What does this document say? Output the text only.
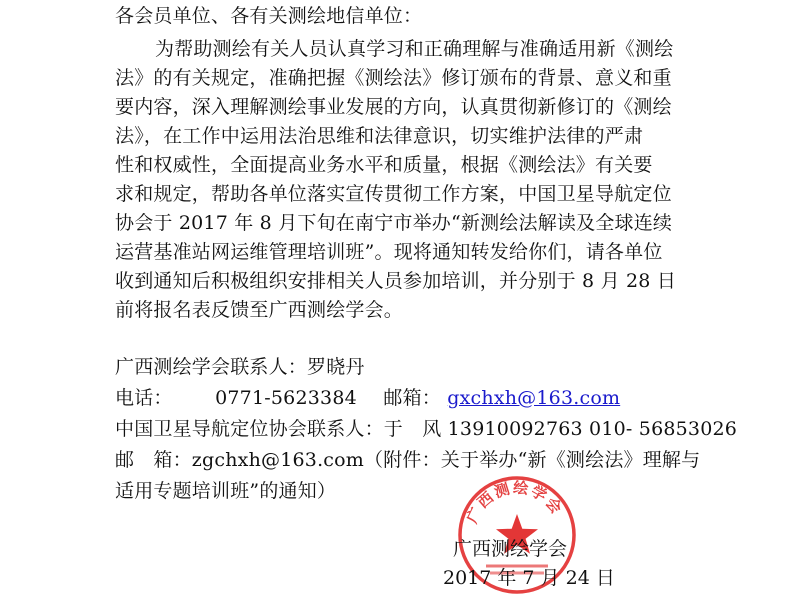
各会员单位、各有关测绘地信单位：
为帮助测绘有关人员认真学习和正确理解与准确适用新《测绘
法》的有关规定，准确把握《测绘法》修订颁布的背景、意义和重
要内容，深入理解测绘事业发展的方向，认真贯彻新修订的《测绘
法》，在工作中运用法治思维和法律意识，切实维护法律的严肃
性和权威性，全面提高业务水平和质量，根据《测绘法》有关要
求和规定，帮助各单位落实宣传贯彻工作方案，中国卫星导航定位
协会于 2017 年 8 月下旬在南宁市举办“新测绘法解读及全球连续
运营基准站网运维管理培训班”。现将通知转发给你们，请各单位
收到通知后积极组织安排相关人员参加培训，并分别于 8 月 28 日
前将报名表反馈至广西测绘学会。
广西测绘学会联系人：罗晓丹
电话： 0771-5623384 邮箱： gxchxh@163.com
中国卫星导航定位协会联系人：于　风 13910092763 010- 56853026
邮　箱：zgchxh@163.com（附件：关于举办“新《测绘法》理解与
适用专题培训班”的通知）
广西测绘学会
广西测绘学会
2017 年 7 月 24 日
